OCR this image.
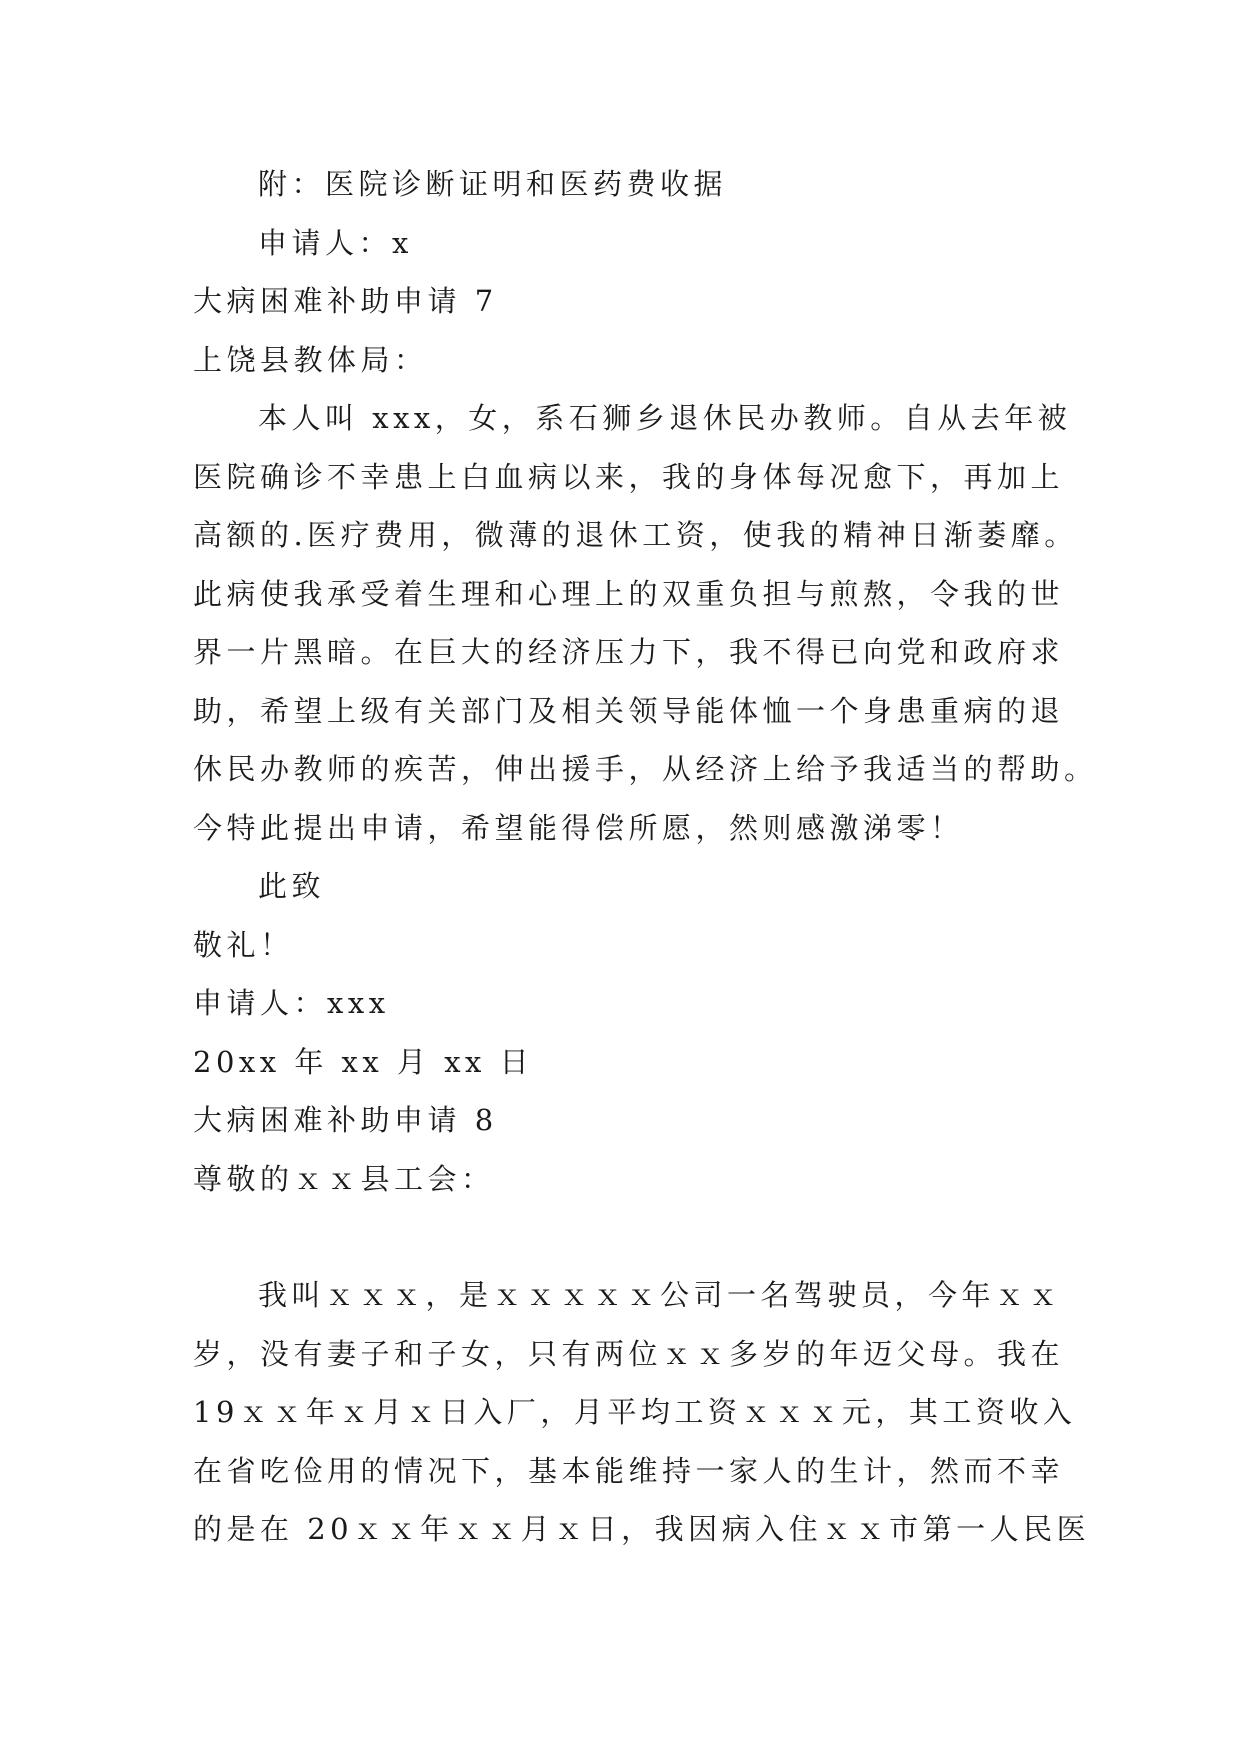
附：医院诊断证明和医药费收据
申请人：x
大病困难补助申请 7
上饶县教体局：
本人叫 xxx，女，系石狮乡退休民办教师。自从去年被
医院确诊不幸患上白血病以来，我的身体每况愈下，再加上
高额的.医疗费用，微薄的退休工资，使我的精神日渐萎靡。
此病使我承受着生理和心理上的双重负担与煎熬，令我的世
界一片黑暗。在巨大的经济压力下，我不得已向党和政府求
助，希望上级有关部门及相关领导能体恤一个身患重病的退
休民办教师的疾苦，伸出援手，从经济上给予我适当的帮助。
今特此提出申请，希望能得偿所愿，然则感激涕零！
此致
敬礼！
申请人：xxx
20xx 年 xx 月 xx 日
大病困难补助申请 8
尊敬的ｘｘ县工会：
我叫ｘｘｘ，是ｘｘｘｘｘ公司一名驾驶员，今年ｘｘ
岁，没有妻子和子女，只有两位ｘｘ多岁的年迈父母。我在
19ｘｘ年ｘ月ｘ日入厂，月平均工资ｘｘｘ元，其工资收入
在省吃俭用的情况下，基本能维持一家人的生计，然而不幸
的是在 20ｘｘ年ｘｘ月ｘ日，我因病入住ｘｘ市第一人民医
